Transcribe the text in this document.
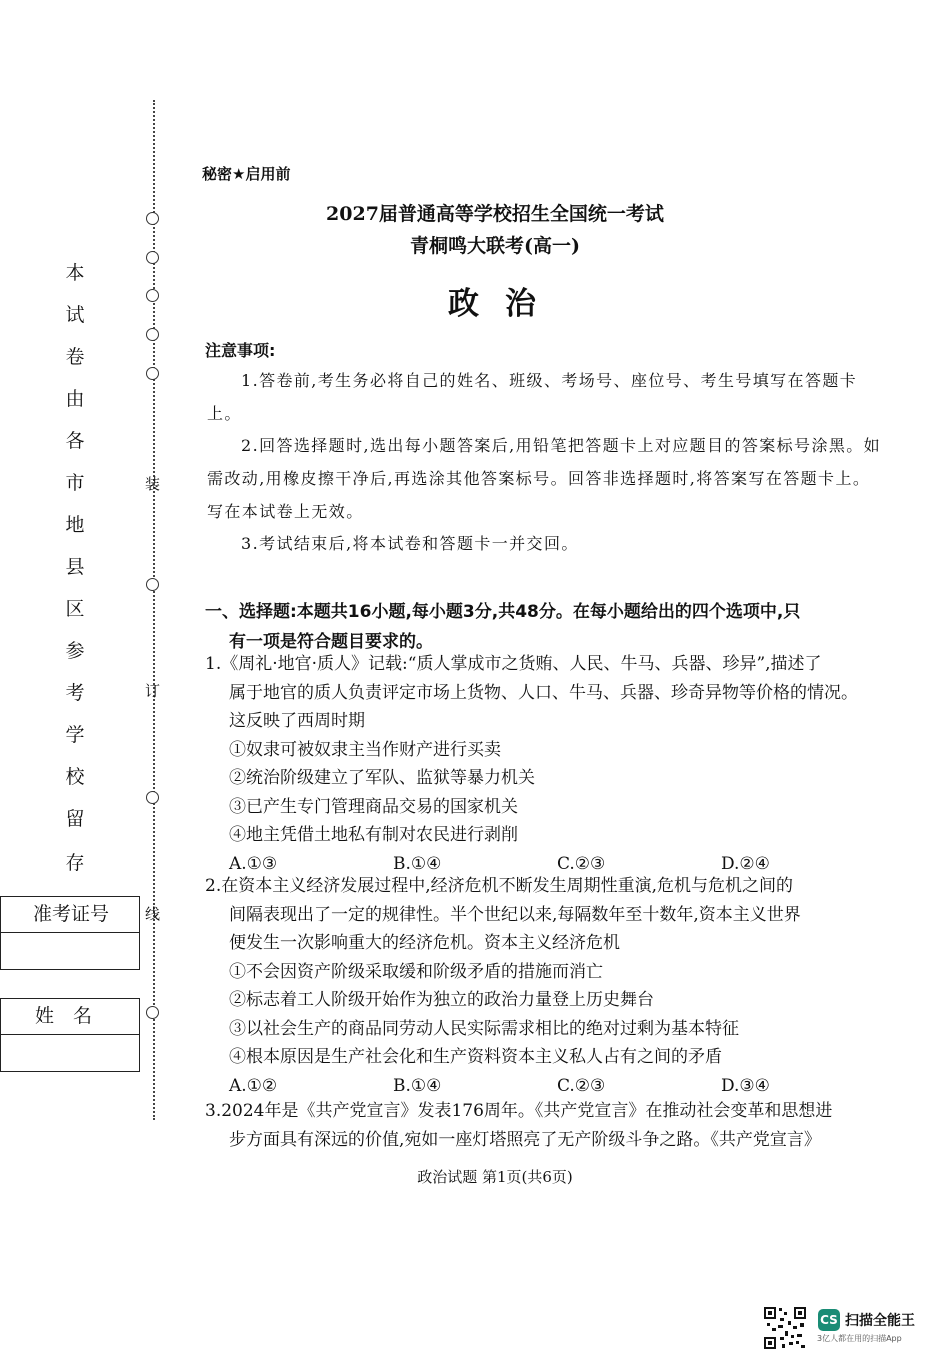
装
订
线
本
试
卷
由
各
市
地
县
区
参
考
学
校
留
存
准考证号
姓　名
秘密★启用前
2027届普通高等学校招生全国统一考试
青桐鸣大联考(高一)
政治
注意事项:
1.答卷前,考生务必将自己的姓名、班级、考场号、座位号、考生号填写在答题卡上。
2.回答选择题时,选出每小题答案后,用铅笔把答题卡上对应题目的答案标号涂黑。如需改动,用橡皮擦干净后,再选涂其他答案标号。回答非选择题时,将答案写在答题卡上。写在本试卷上无效。
3.考试结束后,将本试卷和答题卡一并交回。
一、选择题:本题共16小题,每小题3分,共48分。在每小题给出的四个选项中,只
有一项是符合题目要求的。
1.《周礼·地官·质人》记载:“质人掌成市之货贿、人民、牛马、兵器、珍异”,描述了
属于地官的质人负责评定市场上货物、人口、牛马、兵器、珍奇异物等价格的情况。
这反映了西周时期
①奴隶可被奴隶主当作财产进行买卖
②统治阶级建立了军队、监狱等暴力机关
③已产生专门管理商品交易的国家机关
④地主凭借土地私有制对农民进行剥削
A.①③	B.①④	C.②③	D.②④
2.在资本主义经济发展过程中,经济危机不断发生周期性重演,危机与危机之间的
间隔表现出了一定的规律性。半个世纪以来,每隔数年至十数年,资本主义世界
便发生一次影响重大的经济危机。资本主义经济危机
①不会因资产阶级采取缓和阶级矛盾的措施而消亡
②标志着工人阶级开始作为独立的政治力量登上历史舞台
③以社会生产的商品同劳动人民实际需求相比的绝对过剩为基本特征
④根本原因是生产社会化和生产资料资本主义私人占有之间的矛盾
A.①②	B.①④	C.②③	D.③④
3.2024年是《共产党宣言》发表176周年。《共产党宣言》在推动社会变革和思想进
步方面具有深远的价值,宛如一座灯塔照亮了无产阶级斗争之路。《共产党宣言》
政治试题 第1页(共6页)
CS 扫描全能王
3亿人都在用的扫描App
